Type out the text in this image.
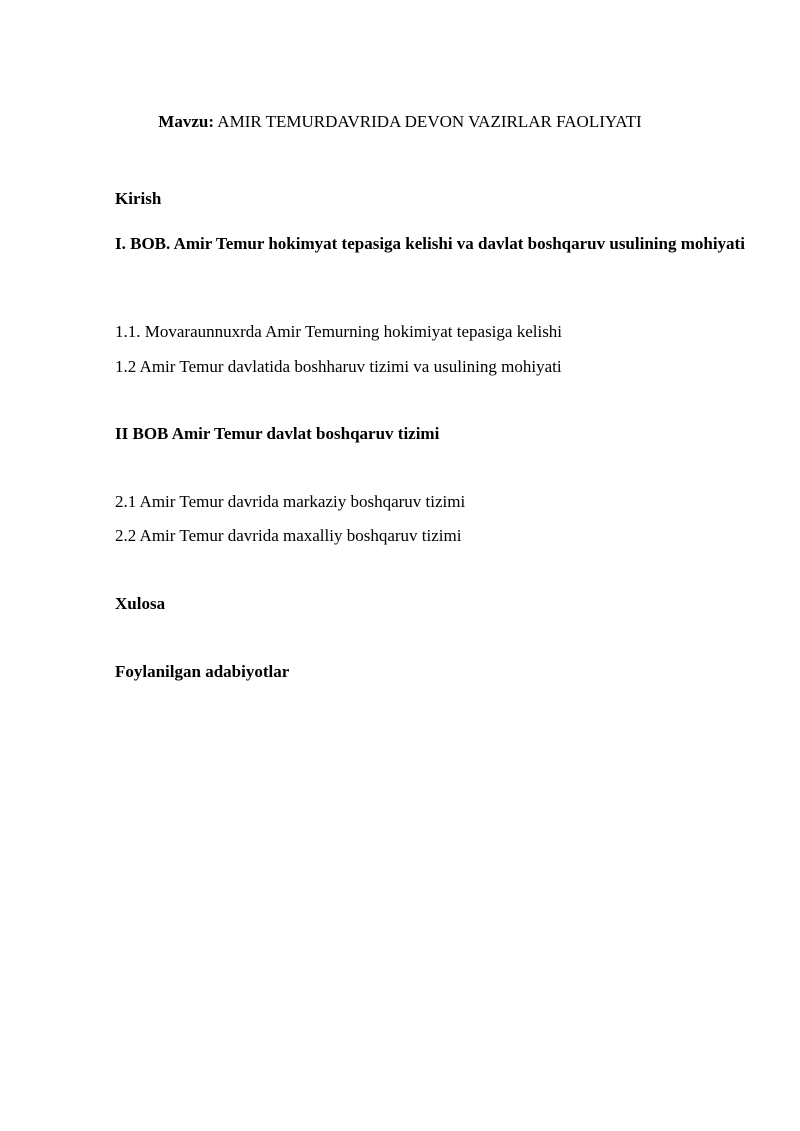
Mavzu: AMIR TEMURDAVRIDA DEVON VAZIRLAR FAOLIYATI
Kirish
I. BOB. Amir Temur hokimyat tepasiga kelishi va davlat boshqaruv usulining mohiyati
1.1. Movaraunnuxrda Amir Temurning hokimiyat tepasiga kelishi
1.2 Amir Temur davlatida boshharuv tizimi va usulining mohiyati
II BOB Amir Temur davlat boshqaruv tizimi
2.1 Amir Temur davrida markaziy boshqaruv tizimi
2.2 Amir Temur davrida maxalliy boshqaruv tizimi
Xulosa
Foylanilgan adabiyotlar
